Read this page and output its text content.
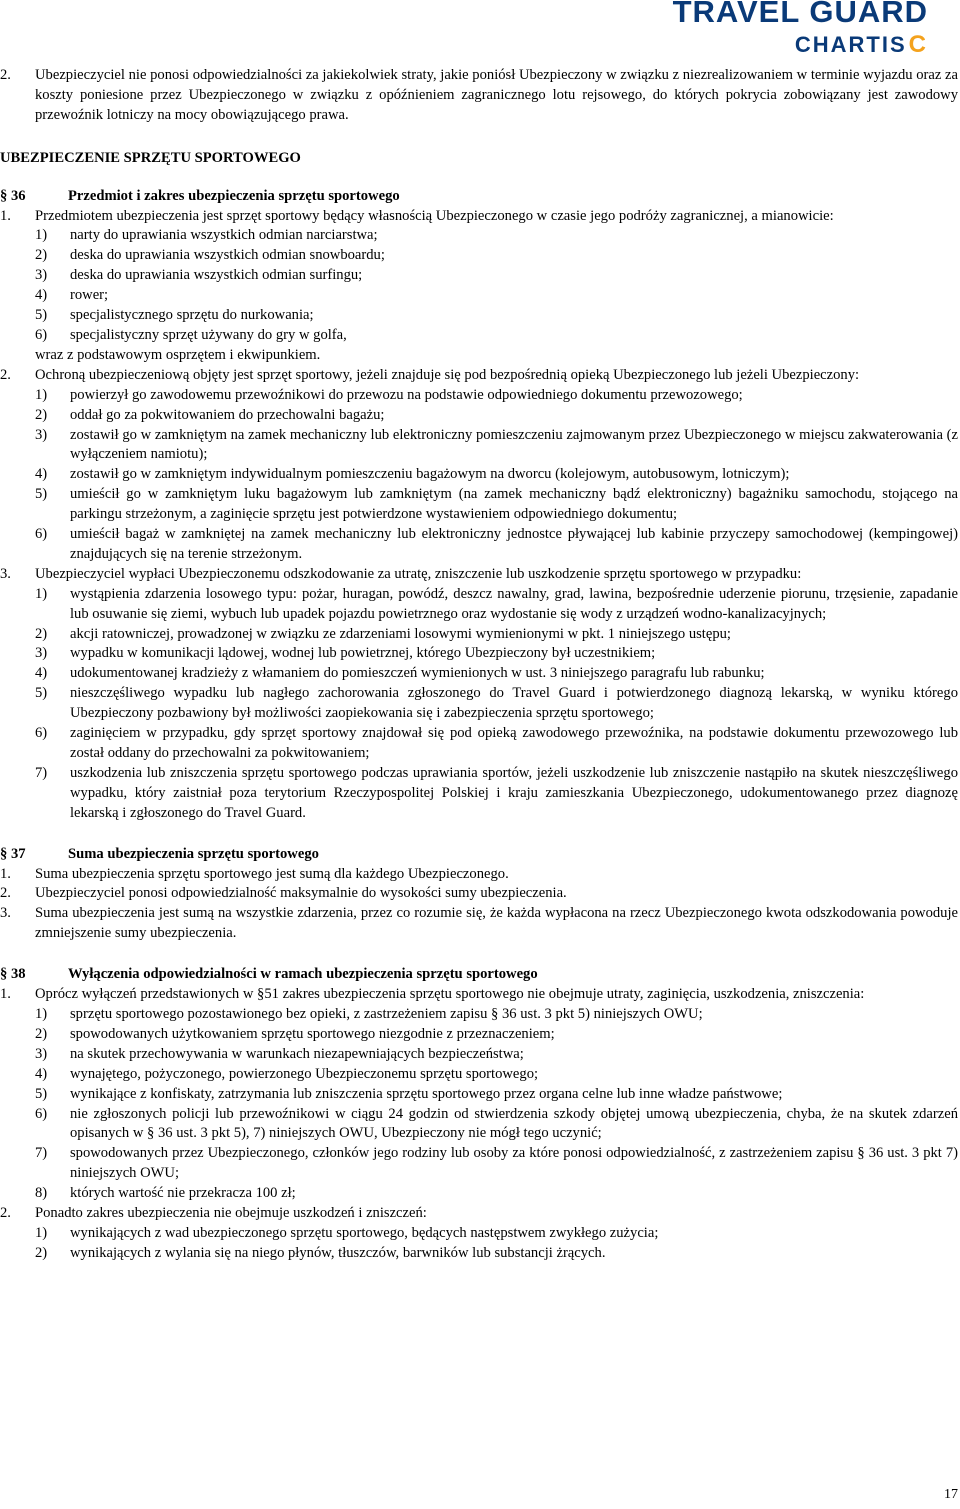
TRAVEL GUARD
CHARTISC
2.	Ubezpieczyciel nie ponosi odpowiedzialności za jakiekolwiek straty, jakie poniósł Ubezpieczony w związku z niezrealizowaniem w terminie wyjazdu oraz za koszty poniesione przez Ubezpieczonego w związku z opóźnieniem zagranicznego lotu rejsowego, do których pokrycia zobowiązany jest zawodowy przewoźnik lotniczy na mocy obowiązującego prawa.
UBEZPIECZENIE SPRZĘTU SPORTOWEGO
§ 36	Przedmiot i zakres ubezpieczenia sprzętu sportowego
1.	Przedmiotem ubezpieczenia jest sprzęt sportowy będący własnością Ubezpieczonego w czasie jego podróży zagranicznej, a mianowicie:
1)	narty do uprawiania wszystkich odmian narciarstwa;
2)	deska do uprawiania wszystkich odmian snowboardu;
3)	deska do uprawiania wszystkich odmian surfingu;
4)	rower;
5)	specjalistycznego sprzętu do nurkowania;
6)	specjalistyczny sprzęt używany do gry w golfa,
wraz z podstawowym osprzętem i ekwipunkiem.
2.	Ochroną ubezpieczeniową objęty jest sprzęt sportowy, jeżeli znajduje się pod bezpośrednią opieką Ubezpieczonego lub jeżeli Ubezpieczony:
1)	powierzył go zawodowemu przewoźnikowi do przewozu na podstawie odpowiedniego dokumentu przewozowego;
2)	oddał go za pokwitowaniem do przechowalni bagażu;
3)	zostawił go w zamkniętym na zamek mechaniczny lub elektroniczny pomieszczeniu zajmowanym przez Ubezpieczonego w miejscu zakwaterowania (z wyłączeniem namiotu);
4)	zostawił go w zamkniętym indywidualnym pomieszczeniu bagażowym na dworcu (kolejowym, autobusowym, lotniczym);
5)	umieścił go w zamkniętym luku bagażowym lub zamkniętym (na zamek mechaniczny bądź elektroniczny) bagażniku samochodu, stojącego na parkingu strzeżonym, a zaginięcie sprzętu jest potwierdzone wystawieniem odpowiedniego dokumentu;
6)	umieścił bagaż w zamkniętej na zamek mechaniczny lub elektroniczny jednostce pływającej lub kabinie przyczepy samochodowej (kempingowej) znajdujących się na terenie strzeżonym.
3.	Ubezpieczyciel wypłaci Ubezpieczonemu odszkodowanie za utratę, zniszczenie lub uszkodzenie sprzętu sportowego w przypadku:
1)	wystąpienia zdarzenia losowego typu: pożar, huragan, powódź, deszcz nawalny, grad, lawina, bezpośrednie uderzenie piorunu, trzęsienie, zapadanie lub osuwanie się ziemi, wybuch lub upadek pojazdu powietrznego oraz wydostanie się wody z urządzeń wodno-kanalizacyjnych;
2)	akcji ratowniczej, prowadzonej w związku ze zdarzeniami losowymi wymienionymi w pkt. 1 niniejszego ustępu;
3)	wypadku w komunikacji lądowej, wodnej lub powietrznej, którego Ubezpieczony był uczestnikiem;
4)	udokumentowanej kradzieży z włamaniem do pomieszczeń wymienionych w ust. 3 niniejszego paragrafu lub rabunku;
5)	nieszczęśliwego wypadku lub nagłego zachorowania zgłoszonego do Travel Guard i potwierdzonego diagnozą lekarską, w wyniku którego Ubezpieczony pozbawiony był możliwości zaopiekowania się i zabezpieczenia sprzętu sportowego;
6)	zaginięciem w przypadku, gdy sprzęt sportowy znajdował się pod opieką zawodowego przewoźnika, na podstawie dokumentu przewozowego lub został oddany do przechowalni za pokwitowaniem;
7)	uszkodzenia lub zniszczenia sprzętu sportowego podczas uprawiania sportów, jeżeli uszkodzenie lub zniszczenie nastąpiło na skutek nieszczęśliwego wypadku, który zaistniał poza terytorium Rzeczypospolitej Polskiej i kraju zamieszkania Ubezpieczonego, udokumentowanego przez diagnozę lekarską i zgłoszonego do Travel Guard.
§ 37	Suma ubezpieczenia sprzętu sportowego
1.	Suma ubezpieczenia sprzętu sportowego jest sumą dla każdego Ubezpieczonego.
2.	Ubezpieczyciel ponosi odpowiedzialność maksymalnie do wysokości sumy ubezpieczenia.
3.	Suma ubezpieczenia jest sumą na wszystkie zdarzenia, przez co rozumie się, że każda wypłacona na rzecz Ubezpieczonego kwota odszkodowania powoduje zmniejszenie sumy ubezpieczenia.
§ 38	Wyłączenia odpowiedzialności w ramach ubezpieczenia sprzętu sportowego
1.	Oprócz wyłączeń przedstawionych w §51 zakres ubezpieczenia sprzętu sportowego nie obejmuje utraty, zaginięcia, uszkodzenia, zniszczenia:
1)	sprzętu sportowego pozostawionego bez opieki, z zastrzeżeniem zapisu § 36 ust. 3 pkt 5) niniejszych OWU;
2)	spowodowanych użytkowaniem sprzętu sportowego niezgodnie z przeznaczeniem;
3)	na skutek przechowywania w warunkach niezapewniających bezpieczeństwa;
4)	wynajętego, pożyczonego, powierzonego Ubezpieczonemu sprzętu sportowego;
5)	wynikające z konfiskaty, zatrzymania lub zniszczenia sprzętu sportowego przez organa celne lub inne władze państwowe;
6)	nie zgłoszonych policji lub przewoźnikowi w ciągu 24 godzin od stwierdzenia szkody objętej umową ubezpieczenia, chyba, że na skutek zdarzeń opisanych w § 36 ust. 3 pkt 5), 7) niniejszych OWU, Ubezpieczony nie mógł tego uczynić;
7)	spowodowanych przez Ubezpieczonego, członków jego rodziny lub osoby za które ponosi odpowiedzialność, z zastrzeżeniem zapisu § 36 ust. 3 pkt 7) niniejszych OWU;
8)	których wartość nie przekracza 100 zł;
2.	Ponadto zakres ubezpieczenia nie obejmuje uszkodzeń i zniszczeń:
1)	wynikających z wad ubezpieczonego sprzętu sportowego, będących następstwem zwykłego zużycia;
2)	wynikających z wylania się na niego płynów, tłuszczów, barwników lub substancji żrących.
17
